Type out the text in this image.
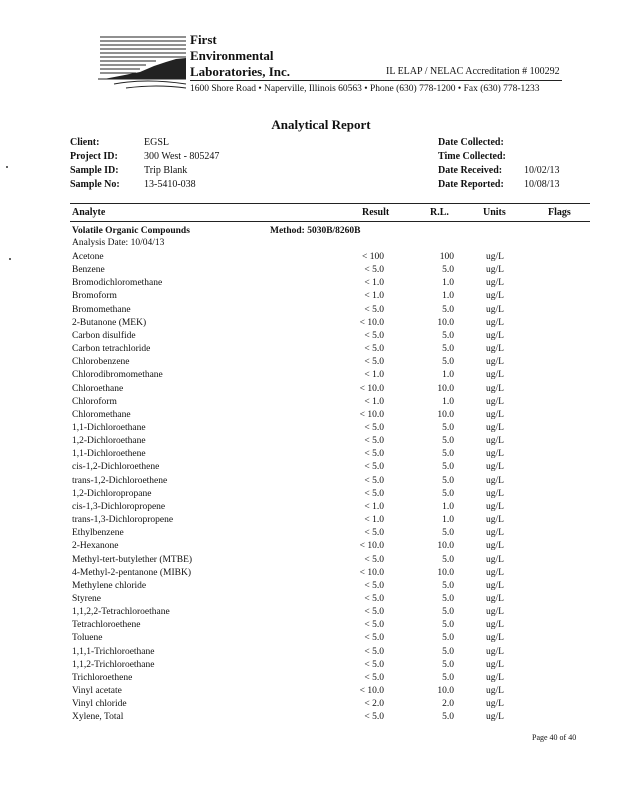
First
Environmental
Laboratories, Inc.	IL ELAP / NELAC Accreditation # 100292
1600 Shore Road • Naperville, Illinois 60563 • Phone (630) 778-1200 • Fax (630) 778-1233
Analytical Report
Client:	EGSL
Project ID:	300 West - 805247
Sample ID:	Trip Blank
Sample No: 13-5410-038
Date Collected:
Time Collected:
Date Received: 10/02/13
Date Reported: 10/08/13
Analyte	Result	R.L.	Units	Flags
Volatile Organic Compounds	Method: 5030B/8260B
Analysis Date: 10/04/13
Acetone	< 100	100	ug/L
Benzene	< 5.0	5.0	ug/L
Bromodichloromethane	< 1.0	1.0	ug/L
Bromoform	< 1.0	1.0	ug/L
Bromomethane	< 5.0	5.0	ug/L
2-Butanone (MEK)	< 10.0	10.0	ug/L
Carbon disulfide	< 5.0	5.0	ug/L
Carbon tetrachloride	< 5.0	5.0	ug/L
Chlorobenzene	< 5.0	5.0	ug/L
Chlorodibromomethane	< 1.0	1.0	ug/L
Chloroethane	< 10.0	10.0	ug/L
Chloroform	< 1.0	1.0	ug/L
Chloromethane	< 10.0	10.0	ug/L
1,1-Dichloroethane	< 5.0	5.0	ug/L
1,2-Dichloroethane	< 5.0	5.0	ug/L
1,1-Dichloroethene	< 5.0	5.0	ug/L
cis-1,2-Dichloroethene	< 5.0	5.0	ug/L
trans-1,2-Dichloroethene	< 5.0	5.0	ug/L
1,2-Dichloropropane	< 5.0	5.0	ug/L
cis-1,3-Dichloropropene	< 1.0	1.0	ug/L
trans-1,3-Dichloropropene	< 1.0	1.0	ug/L
Ethylbenzene	< 5.0	5.0	ug/L
2-Hexanone	< 10.0	10.0	ug/L
Methyl-tert-butylether (MTBE)	< 5.0	5.0	ug/L
4-Methyl-2-pentanone (MIBK)	< 10.0	10.0	ug/L
Methylene chloride	< 5.0	5.0	ug/L
Styrene	< 5.0	5.0	ug/L
1,1,2,2-Tetrachloroethane	< 5.0	5.0	ug/L
Tetrachloroethene	< 5.0	5.0	ug/L
Toluene	< 5.0	5.0	ug/L
1,1,1-Trichloroethane	< 5.0	5.0	ug/L
1,1,2-Trichloroethane	< 5.0	5.0	ug/L
Trichloroethene	< 5.0	5.0	ug/L
Vinyl acetate	< 10.0	10.0	ug/L
Vinyl chloride	< 2.0	2.0	ug/L
Xylene, Total	< 5.0	5.0	ug/L
Page 40 of 40
